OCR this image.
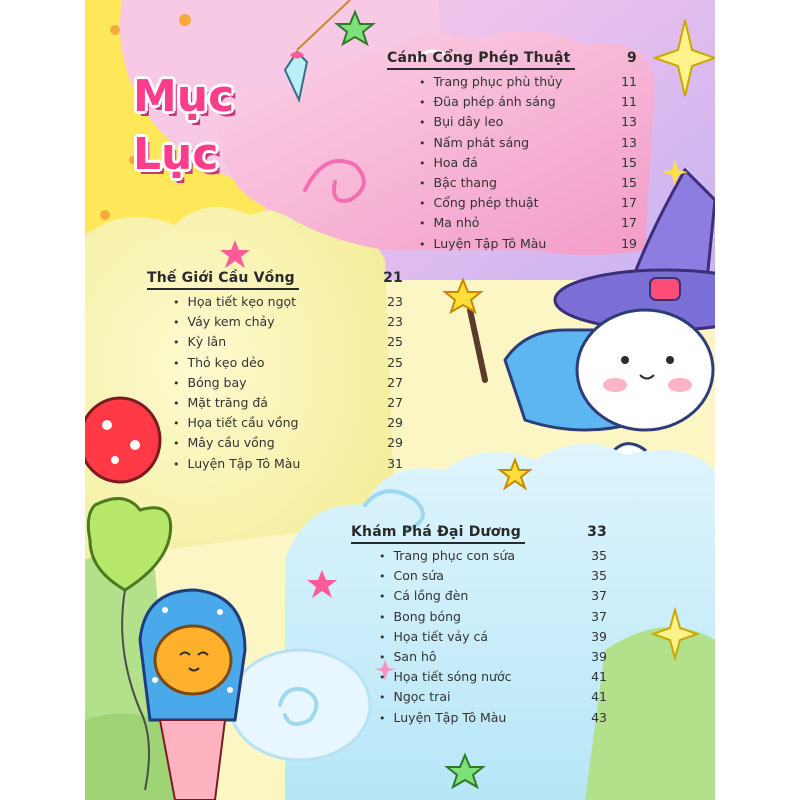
Mục
Lục
Cánh Cổng Phép Thuật	9
• Trang phục phù thủy	11
• Đũa phép ánh sáng	11
• Bụi dây leo	13
• Nấm phát sáng	13
• Hoa đá	15
• Bậc thang	15
• Cổng phép thuật	17
• Ma nhỏ	17
• Luyện Tập Tô Màu	19
Thế Giới Cầu Vồng	21
• Họa tiết kẹo ngọt	23
• Váy kem chảy	23
• Kỳ lân	25
• Thỏ kẹo dẻo	25
• Bóng bay	27
• Mặt trăng đá	27
• Họa tiết cầu vồng	29
• Mây cầu vồng	29
• Luyện Tập Tô Màu	31
Khám Phá Đại Dương	33
• Trang phục con sứa	35
• Con sứa	35
• Cá lồng đèn	37
• Bong bóng	37
• Họa tiết vảy cá	39
• San hô	39
• Họa tiết sóng nước	41
• Ngọc trai	41
• Luyện Tập Tô Màu	43
